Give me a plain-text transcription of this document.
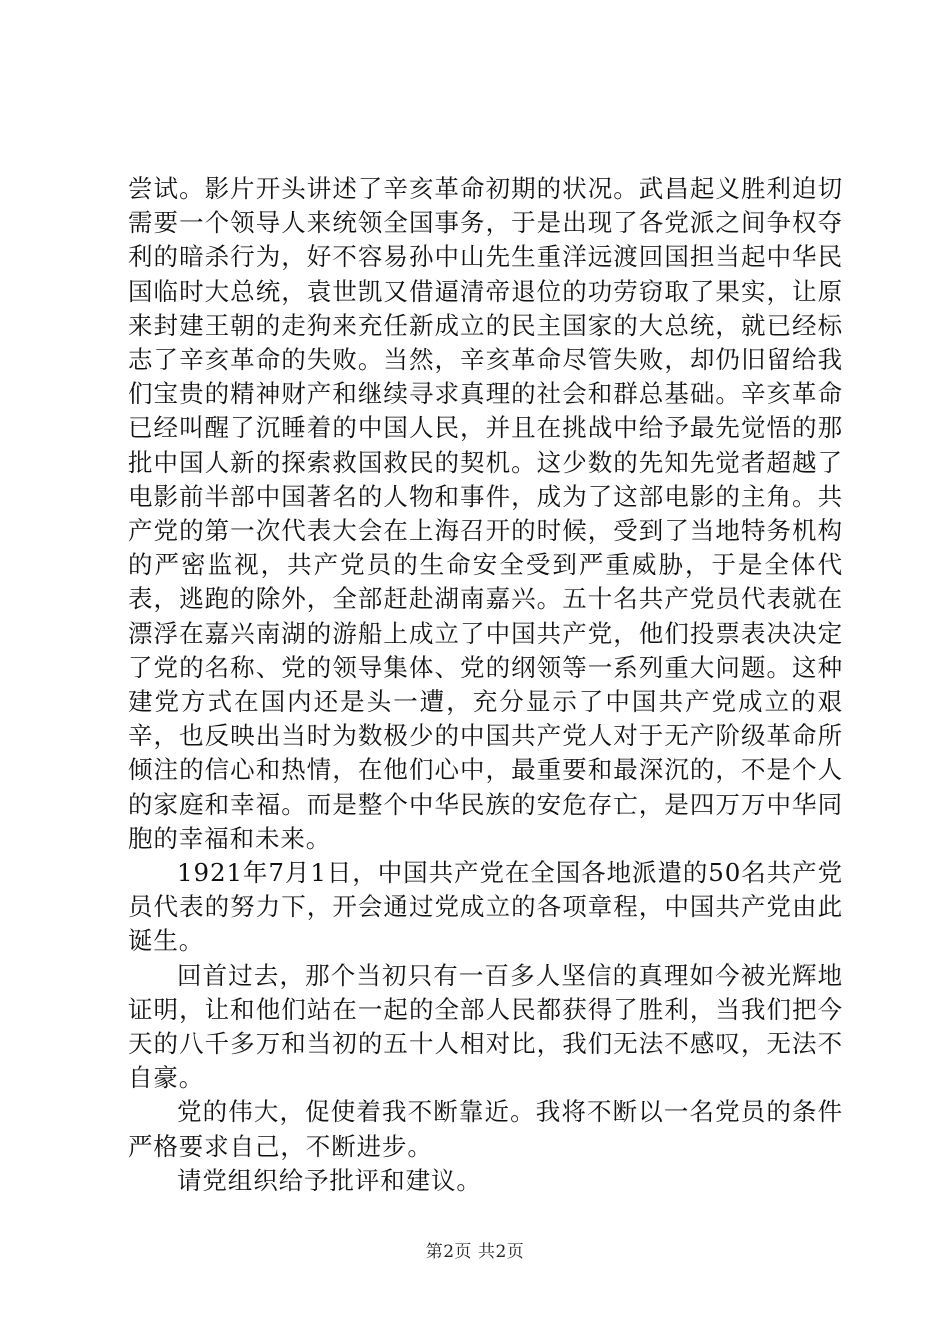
尝试。影片开头讲述了辛亥革命初期的状况。武昌起义胜利迫切需要一个领导人来统领全国事务，于是出现了各党派之间争权夺利的暗杀行为，好不容易孙中山先生重洋远渡回国担当起中华民国临时大总统，袁世凯又借逼清帝退位的功劳窃取了果实，让原来封建王朝的走狗来充任新成立的民主国家的大总统，就已经标志了辛亥革命的失败。当然，辛亥革命尽管失败，却仍旧留给我们宝贵的精神财产和继续寻求真理的社会和群总基础。辛亥革命已经叫醒了沉睡着的中国人民，并且在挑战中给予最先觉悟的那批中国人新的探索救国救民的契机。这少数的先知先觉者超越了电影前半部中国著名的人物和事件，成为了这部电影的主角。共产党的第一次代表大会在上海召开的时候，受到了当地特务机构的严密监视，共产党员的生命安全受到严重威胁，于是全体代表，逃跑的除外，全部赶赴湖南嘉兴。五十名共产党员代表就在漂浮在嘉兴南湖的游船上成立了中国共产党，他们投票表决决定了党的名称、党的领导集体、党的纲领等一系列重大问题。这种建党方式在国内还是头一遭，充分显示了中国共产党成立的艰辛，也反映出当时为数极少的中国共产党人对于无产阶级革命所倾注的信心和热情，在他们心中，最重要和最深沉的，不是个人的家庭和幸福。而是整个中华民族的安危存亡，是四万万中华同胞的幸福和未来。

1921年7月1日，中国共产党在全国各地派遣的50名共产党员代表的努力下，开会通过党成立的各项章程，中国共产党由此诞生。

回首过去，那个当初只有一百多人坚信的真理如今被光辉地证明，让和他们站在一起的全部人民都获得了胜利，当我们把今天的八千多万和当初的五十人相对比，我们无法不感叹，无法不自豪。

党的伟大，促使着我不断靠近。我将不断以一名党员的条件严格要求自己，不断进步。

请党组织给予批评和建议。

第2页 共2页
